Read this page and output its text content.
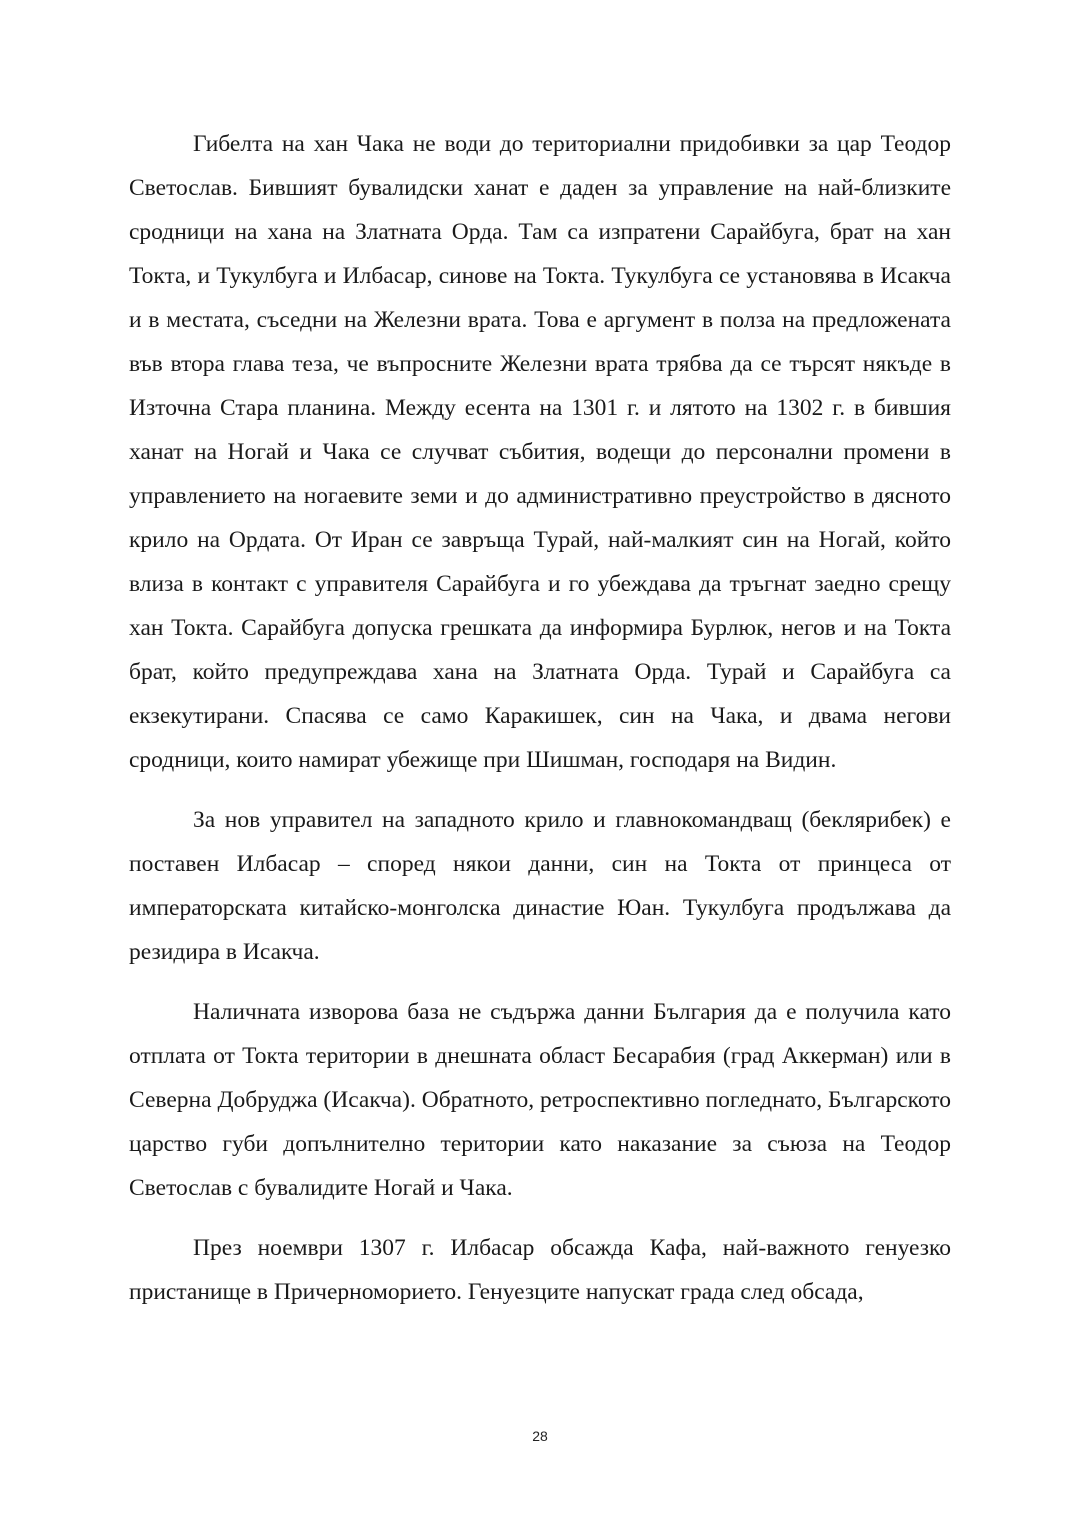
Гибелта на хан Чака не води до териториални придобивки за цар Теодор Светослав. Бившият бувалидски ханат е даден за управление на най-близките сродници на хана на Златната Орда. Там са изпратени Сарайбуга, брат на хан Токта, и Тукулбуга и Илбасар, синове на Токта. Тукулбуга се установява в Исакча и в местата, съседни на Железни врата. Това е аргумент в полза на предложената във втора глава теза, че въпросните Железни врата трябва да се търсят някъде в Източна Стара планина. Между есента на 1301 г. и лятото на 1302 г. в бившия ханат на Ногай и Чака се случват събития, водещи до персонални промени в управлението на ногаевите земи и до административно преустройство в дясното крило на Ордата. От Иран се завръща Турай, най-малкият син на Ногай, който влиза в контакт с управителя Сарайбуга и го убеждава да тръгнат заедно срещу хан Токта. Сарайбуга допуска грешката да информира Бурлюк, негов и на Токта брат, който предупреждава хана на Златната Орда. Турай и Сарайбуга са екзекутирани. Спасява се само Каракишек, син на Чака, и двама негови сродници, които намират убежище при Шишман, господаря на Видин.

За нов управител на западното крило и главнокомандващ (беклярибек) е поставен Илбасар – според някои данни, син на Токта от принцеса от императорската китайско-монголска династие Юан. Тукулбуга продължава да резидира в Исакча.

Наличната изворова база не съдържа данни България да е получила като отплата от Токта територии в днешната област Бесарабия (град Аккерман) или в Северна Добруджа (Исакча). Обратното, ретроспективно погледнато, Българското царство губи допълнително територии като наказание за съюза на Теодор Светослав с бувалидите Ногай и Чака.

През ноември 1307 г. Илбасар обсажда Кафа, най-важното генуезко пристанище в Причерноморието. Генуезците напускат града след обсада,

28
